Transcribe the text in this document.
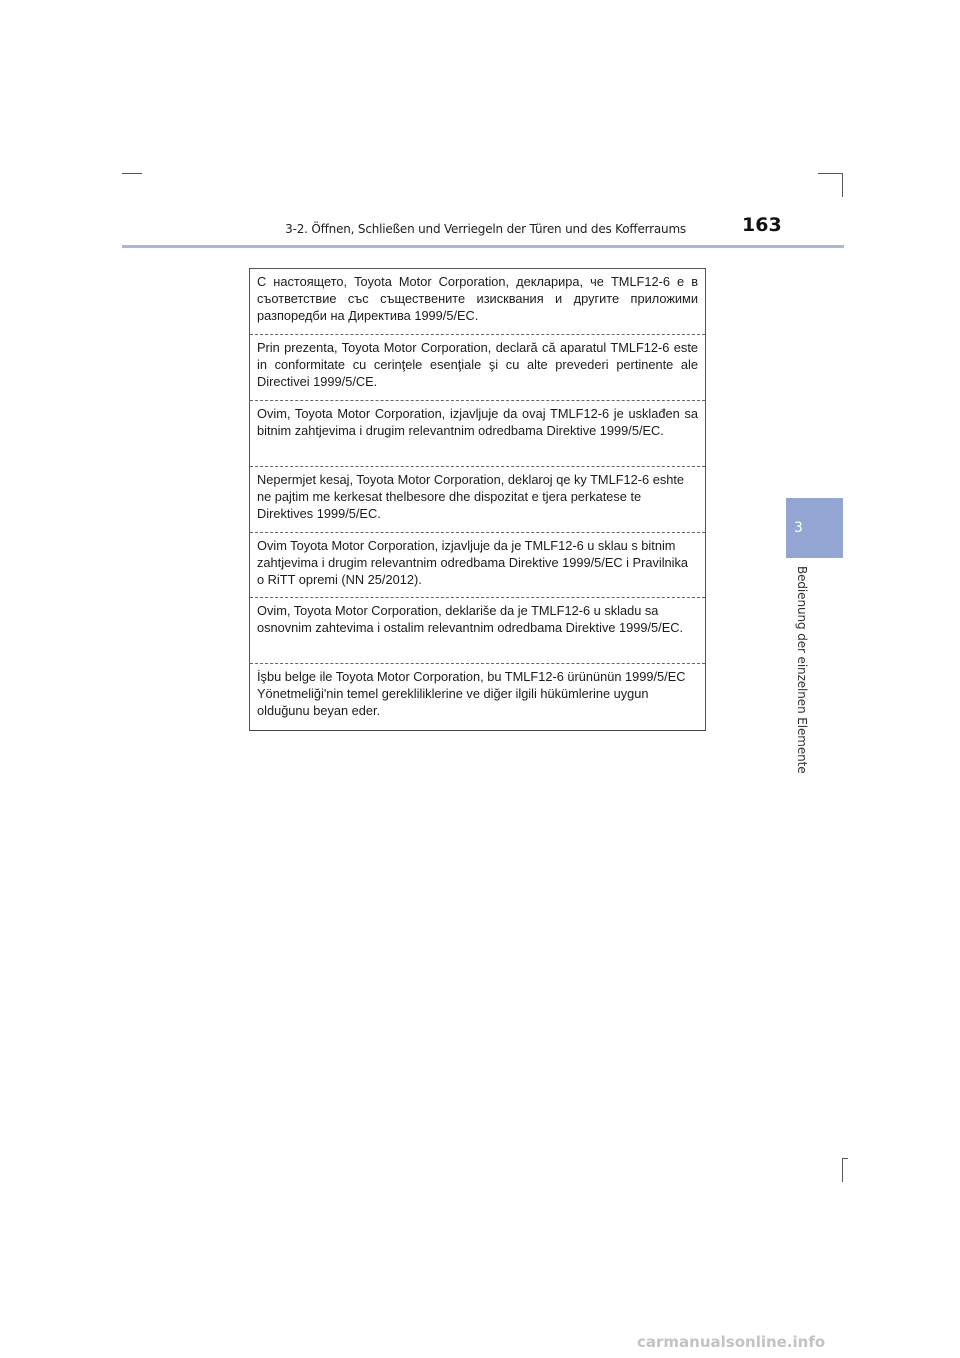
3-2. Öffnen, Schließen und Verriegeln der Türen und des Kofferraums	163
3
Bedienung der einzelnen Elemente
С настоящето, Toyota Motor Corporation, декларира, че TMLF12-6 е в съответствие със съществените изисквания и другите приложими разпоредби на Директива 1999/5/ЕС.
Prin prezenta, Toyota Motor Corporation, declară că aparatul TMLF12-6 este in conformitate cu cerinţele esenţiale şi cu alte prevederi pertinente ale Directivei 1999/5/CE.
Ovim, Toyota Motor Corporation, izjavljuje da ovaj TMLF12-6 je usklađen sa bitnim zahtjevima i drugim relevantnim odredbama Direktive 1999/5/EC.
Nepermjet kesaj, Toyota Motor Corporation, deklaroj qe ky TMLF12-6 eshte ne pajtim me kerkesat thelbesore dhe dispozitat e tjera perkatese te Direktives 1999/5/EC.
Ovim Toyota Motor Corporation, izjavljuje da je TMLF12-6 u sklau s bitnim zahtjevima i drugim relevantnim odredbama Direktive 1999/5/EC i Pravilnika o RiTT opremi (NN 25/2012).
Ovim, Toyota Motor Corporation, deklariše da je TMLF12-6 u skladu sa osnovnim zahtevima i ostalim relevantnim odredbama Direktive 1999/5/EC.
İşbu belge ile Toyota Motor Corporation, bu TMLF12-6 ürününün 1999/5/EC Yönetmeliği'nin temel gerekliliklerine ve diğer ilgili hükümlerine uygun olduğunu beyan eder.
carmanualsonline.info
